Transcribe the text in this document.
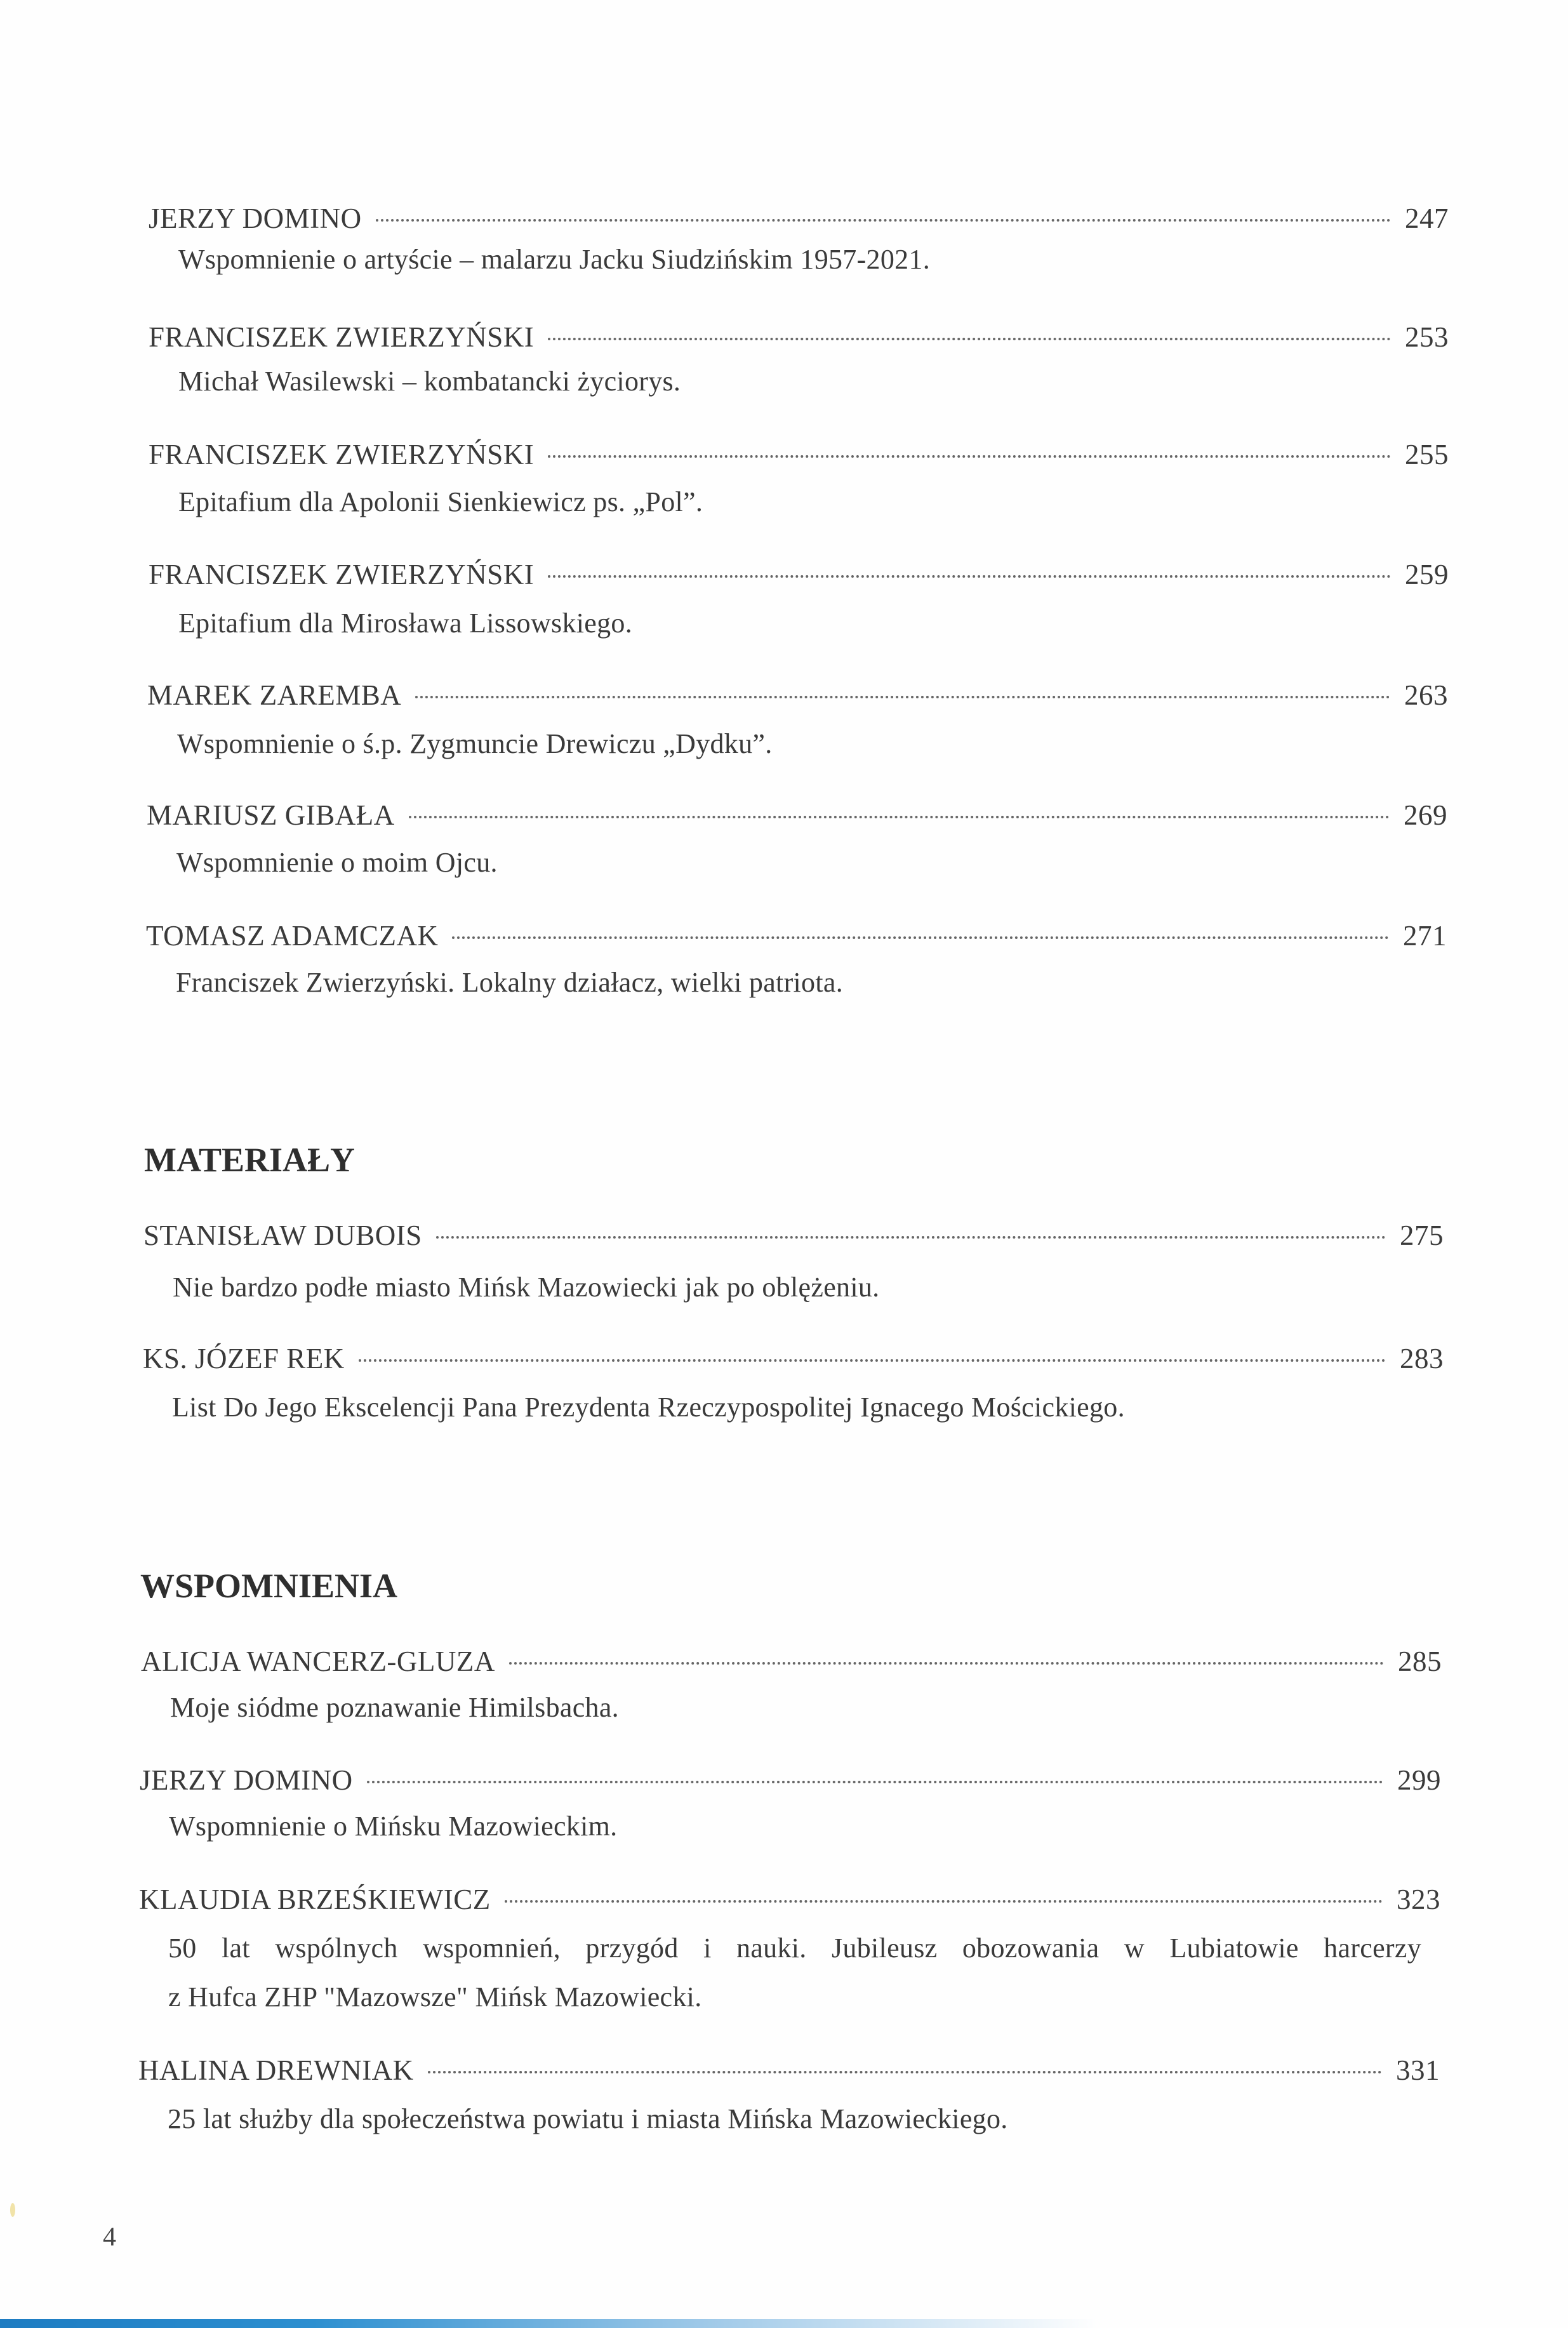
JERZY DOMINO	247
Wspomnienie o artyście – malarzu Jacku Siudzińskim 1957-2021.
FRANCISZEK ZWIERZYŃSKI	253
Michał Wasilewski – kombatancki życiorys.
FRANCISZEK ZWIERZYŃSKI	255
Epitafium dla Apolonii Sienkiewicz ps. „Pol”.
FRANCISZEK ZWIERZYŃSKI	259
Epitafium dla Mirosława Lissowskiego.
MAREK ZAREMBA	263
Wspomnienie o ś.p. Zygmuncie Drewiczu „Dydku”.
MARIUSZ GIBAŁA	269
Wspomnienie o moim Ojcu.
TOMASZ ADAMCZAK	271
Franciszek Zwierzyński. Lokalny działacz, wielki patriota.
STANISŁAW DUBOIS	275
Nie bardzo podłe miasto Mińsk Mazowiecki jak po oblężeniu.
KS. JÓZEF REK	283
List Do Jego Ekscelencji Pana Prezydenta Rzeczypospolitej Ignacego Mościckiego.
ALICJA WANCERZ-GLUZA	285
Moje siódme poznawanie Himilsbacha.
JERZY DOMINO	299
Wspomnienie o Mińsku Mazowieckim.
KLAUDIA BRZEŚKIEWICZ	323
50 lat wspólnych wspomnień, przygód i nauki. Jubileusz obozowania w Lubiatowie harcerzy
z Hufca ZHP "Mazowsze" Mińsk Mazowiecki.
HALINA DREWNIAK	331
25 lat służby dla społeczeństwa powiatu i miasta Mińska Mazowieckiego.
MATERIAŁY
WSPOMNIENIA
4
